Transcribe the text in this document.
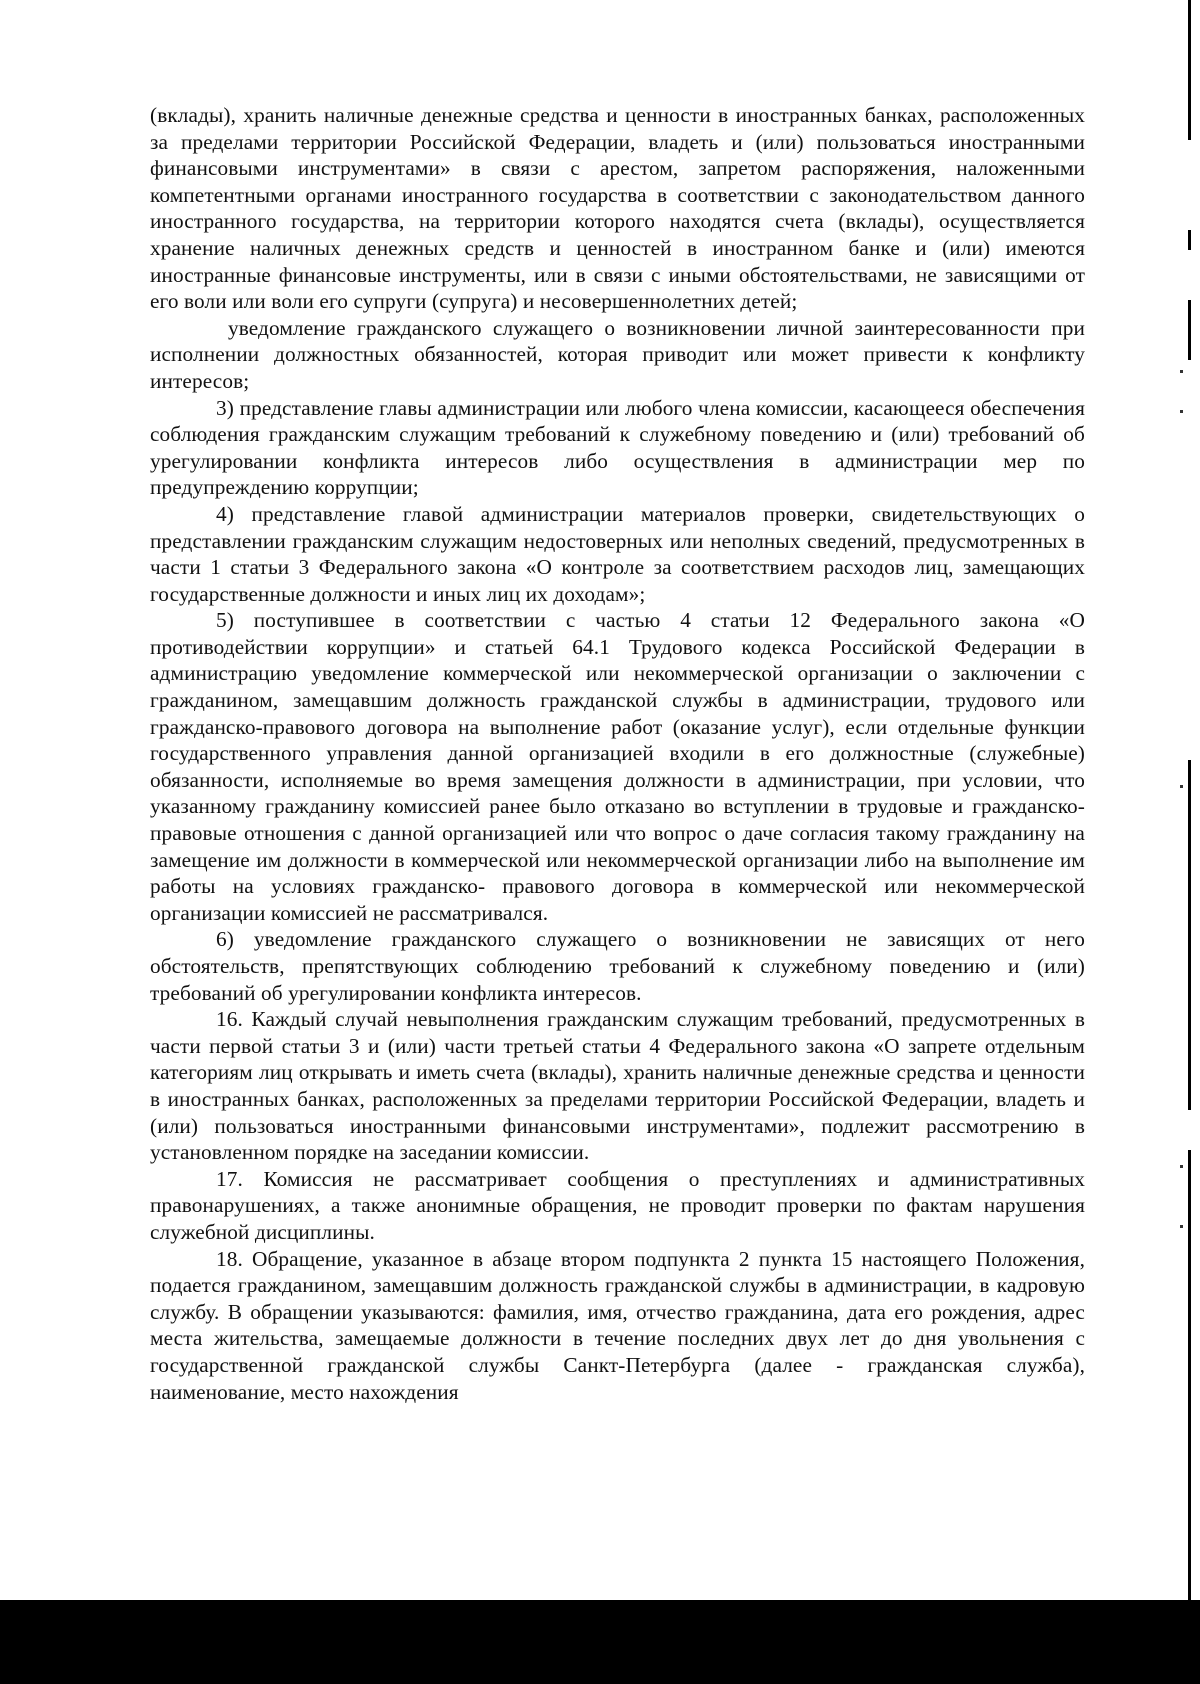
(вклады), хранить наличные денежные средства и ценности в иностранных банках, расположенных за пределами территории Российской Федерации, владеть и (или) пользоваться иностранными финансовыми инструментами» в связи с арестом, запретом распоряжения, наложенными компетентными органами иностранного государства в соответствии с законодательством данного иностранного государства, на территории которого находятся счета (вклады), осуществляется хранение наличных денежных средств и ценностей в иностранном банке и (или) имеются иностранные финансовые инструменты, или в связи с иными обстоятельствами, не зависящими от его воли или воли его супруги (супруга) и несовершеннолетних детей;

уведомление гражданского служащего о возникновении личной заинтересованности при исполнении должностных обязанностей, которая приводит или может привести к конфликту интересов;

3) представление главы администрации или любого члена комиссии, касающееся обеспечения соблюдения гражданским служащим требований к служебному поведению и (или) требований об урегулировании конфликта интересов либо осуществления в администрации мер по предупреждению коррупции;

4) представление главой администрации материалов проверки, свидетельствующих о представлении гражданским служащим недостоверных или неполных сведений, предусмотренных в части 1 статьи 3 Федерального закона «О контроле за соответствием расходов лиц, замещающих государственные должности и иных лиц их доходам»;

5) поступившее в соответствии с частью 4 статьи 12 Федерального закона «О противодействии коррупции» и статьей 64.1 Трудового кодекса Российской Федерации в администрацию уведомление коммерческой или некоммерческой организации о заключении с гражданином, замещавшим должность гражданской службы в администрации, трудового или гражданско-правового договора на выполнение работ (оказание услуг), если отдельные функции государственного управления данной организацией входили в его должностные (служебные) обязанности, исполняемые во время замещения должности в администрации, при условии, что указанному гражданину комиссией ранее было отказано во вступлении в трудовые и гражданско-правовые отношения с данной организацией или что вопрос о даче согласия такому гражданину на замещение им должности в коммерческой или некоммерческой организации либо на выполнение им работы на условиях гражданско- правового договора в коммерческой или некоммерческой организации комиссией не рассматривался.

6) уведомление гражданского служащего о возникновении не зависящих от него обстоятельств, препятствующих соблюдению требований к служебному поведению и (или) требований об урегулировании конфликта интересов.

16. Каждый случай невыполнения гражданским служащим требований, предусмотренных в части первой статьи 3 и (или) части третьей статьи 4 Федерального закона «О запрете отдельным категориям лиц открывать и иметь счета (вклады), хранить наличные денежные средства и ценности в иностранных банках, расположенных за пределами территории Российской Федерации, владеть и (или) пользоваться иностранными финансовыми инструментами», подлежит рассмотрению в установленном порядке на заседании комиссии.

17. Комиссия не рассматривает сообщения о преступлениях и административных правонарушениях, а также анонимные обращения, не проводит проверки по фактам нарушения служебной дисциплины.

18. Обращение, указанное в абзаце втором подпункта 2 пункта 15 настоящего Положения, подается гражданином, замещавшим должность гражданской службы в администрации, в кадровую службу. В обращении указываются: фамилия, имя, отчество гражданина, дата его рождения, адрес места жительства, замещаемые должности в течение последних двух лет до дня увольнения с государственной гражданской службы Санкт-Петербурга (далее - гражданская служба), наименование, место нахождения
